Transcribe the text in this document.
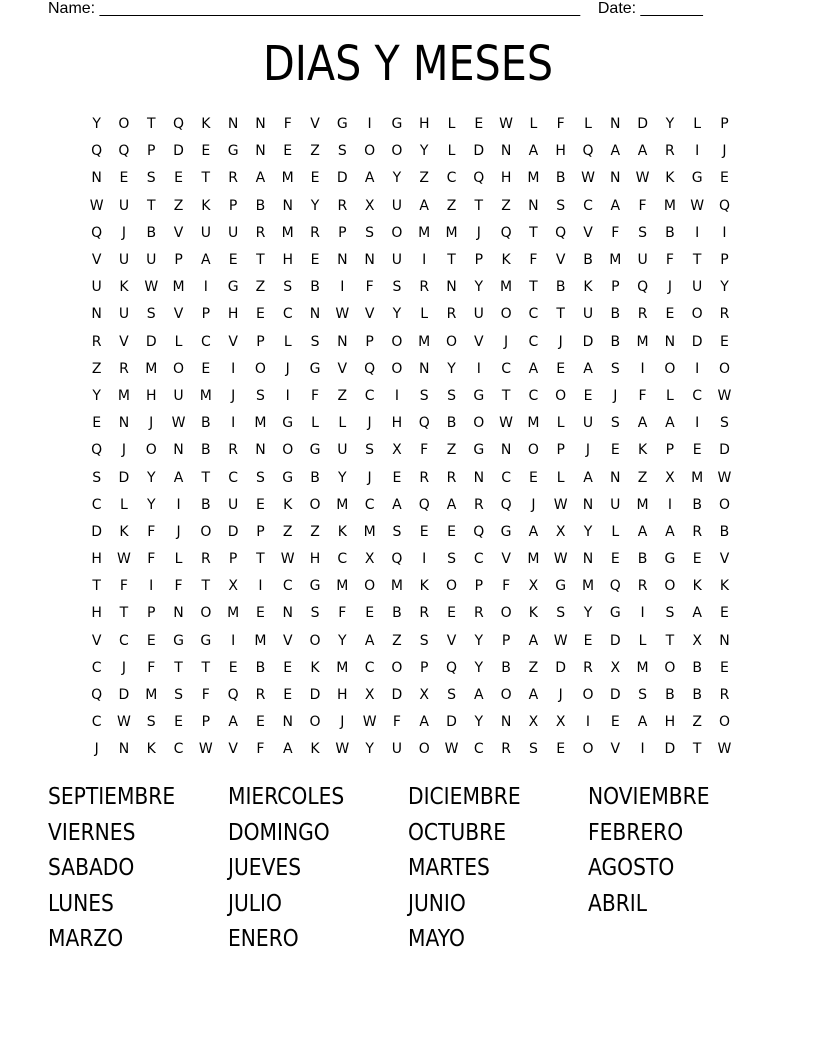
Name: ______________________________________________________    Date: _______
DIAS Y MESES
Y	O	T	Q	K	N	N	F	V	G	I	G	H	L	E	W	L	F	L	N	D	Y	L	P
Q	Q	P	D	E	G	N	E	Z	S	O	O	Y	L	D	N	A	H	Q	A	A	R	I	J
N	E	S	E	T	R	A	M	E	D	A	Y	Z	C	Q	H	M	B	W	N	W	K	G	E
W	U	T	Z	K	P	B	N	Y	R	X	U	A	Z	T	Z	N	S	C	A	F	M	W	Q
Q	J	B	V	U	U	R	M	R	P	S	O	M	M	J	Q	T	Q	V	F	S	B	I	I
V	U	U	P	A	E	T	H	E	N	N	U	I	T	P	K	F	V	B	M	U	F	T	P
U	K	W	M	I	G	Z	S	B	I	F	S	R	N	Y	M	T	B	K	P	Q	J	U	Y
N	U	S	V	P	H	E	C	N	W	V	Y	L	R	U	O	C	T	U	B	R	E	O	R
R	V	D	L	C	V	P	L	S	N	P	O	M	O	V	J	C	J	D	B	M	N	D	E
Z	R	M	O	E	I	O	J	G	V	Q	O	N	Y	I	C	A	E	A	S	I	O	I	O
Y	M	H	U	M	J	S	I	F	Z	C	I	S	S	G	T	C	O	E	J	F	L	C	W
E	N	J	W	B	I	M	G	L	L	J	H	Q	B	O	W	M	L	U	S	A	A	I	S
Q	J	O	N	B	R	N	O	G	U	S	X	F	Z	G	N	O	P	J	E	K	P	E	D
S	D	Y	A	T	C	S	G	B	Y	J	E	R	R	N	C	E	L	A	N	Z	X	M	W
C	L	Y	I	B	U	E	K	O	M	C	A	Q	A	R	Q	J	W	N	U	M	I	B	O
D	K	F	J	O	D	P	Z	Z	K	M	S	E	E	Q	G	A	X	Y	L	A	A	R	B
H	W	F	L	R	P	T	W	H	C	X	Q	I	S	C	V	M	W	N	E	B	G	E	V
T	F	I	F	T	X	I	C	G	M	O	M	K	O	P	F	X	G	M	Q	R	O	K	K
H	T	P	N	O	M	E	N	S	F	E	B	R	E	R	O	K	S	Y	G	I	S	A	E
V	C	E	G	G	I	M	V	O	Y	A	Z	S	V	Y	P	A	W	E	D	L	T	X	N
C	J	F	T	T	E	B	E	K	M	C	O	P	Q	Y	B	Z	D	R	X	M	O	B	E
Q	D	M	S	F	Q	R	E	D	H	X	D	X	S	A	O	A	J	O	D	S	B	B	R
C	W	S	E	P	A	E	N	O	J	W	F	A	D	Y	N	X	X	I	E	A	H	Z	O
J	N	K	C	W	V	F	A	K	W	Y	U	O	W	C	R	S	E	O	V	I	D	T	W
SEPTIEMBRE	MIERCOLES	DICIEMBRE	NOVIEMBRE
VIERNES	DOMINGO	OCTUBRE	FEBRERO
SABADO	JUEVES	MARTES	AGOSTO
LUNES	JULIO	JUNIO	ABRIL
MARZO	ENERO	MAYO
